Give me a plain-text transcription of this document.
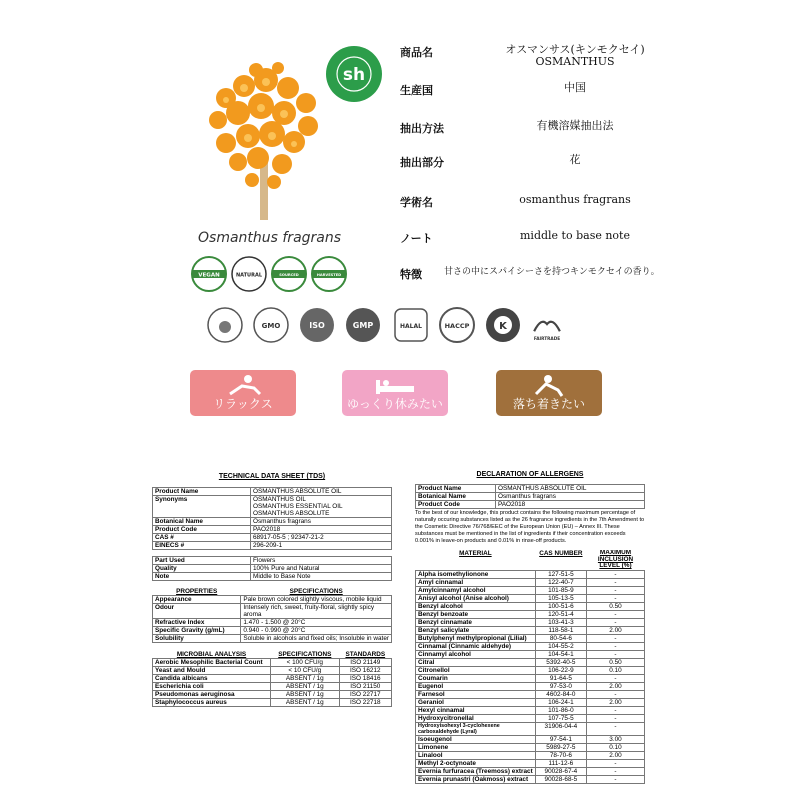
sh
Osmanthus fragrans
VEGAN	NATURAL	SOURCED	HARVESTED
GMO	ISO	GMP	HALAL	HACCP	K
FAIRTRADE
リラックス	ゆっくり休みたい	落ち着きたい
商品名	オスマンサス(キンモクセイ)
OSMANTHUS
生産国	中国
抽出方法	有機溶媒抽出法
抽出部分	花
学術名	osmanthus fragrans
ノート	middle to base note
特徴 甘さの中にスパイシーさを持つキンモクセイの香り。
TECHNICAL DATA SHEET (TDS)
Product Name	OSMANTHUS ABSOLUTE OIL
Synonyms	OSMANTHUS OIL
OSMANTHUS ESSENTIAL OIL
OSMANTHUS ABSOLUTE
Botanical Name	Osmanthus fragrans
Product Code	PAO2018
CAS #	68917-05-5 ; 92347-21-2
EINECS #	296-209-1
Part Used	Flowers
Quality	100% Pure and Natural
Note	Middle to Base Note
PROPERTIES	SPECIFICATIONS
Appearance	Pale brown colored slightly viscous, mobile liquid
Odour	Intensely rich, sweet, fruity-floral, slightly spicy
aroma
Refractive Index	1.470 - 1.500 @ 20°C
Specific Gravity (g/mL)	0.940 - 0.990 @ 20°C
Solubility	Soluble in alcohols and fixed oils; Insoluble in water
MICROBIAL ANALYSIS	SPECIFICATIONS	STANDARDS
Aerobic Mesophilic Bacterial Count	< 100 CFU/g	ISO 21149
Yeast and Mould	< 10 CFU/g	ISO 16212
Candida albicans	ABSENT / 1g	ISO 18416
Escherichia coli	ABSENT / 1g	ISO 21150
Pseudomonas aeruginosa	ABSENT / 1g	ISO 22717
Staphylococcus aureus	ABSENT / 1g	ISO 22718
DECLARATION OF ALLERGENS
Product Name	OSMANTHUS ABSOLUTE OIL
Botanical Name	Osmanthus fragrans
Product Code	PAO2018
To the best of our knowledge, this product contains the following maximum percentage of naturally occuring substances listed as the 26 fragrance ingredients in the 7th Amendment to the Cosmetic Directive 76/768/EEC of the European Union (EU) – Annex III. These substances must be mentioned in the list of ingredients if their concentration exceeds 0.001% in leave-on products and 0.01% in rinse-off products.
MATERIAL	CAS NUMBER	MAXIMUM INCLUSION LEVEL (%)
Alpha isomethylionone	127-51-5	-
Amyl cinnamal	122-40-7	-
Amylcinnamyl alcohol	101-85-9	-
Anisyl alcohol (Anise alcohol)	105-13-5	-
Benzyl alcohol	100-51-6	0.50
Benzyl benzoate	120-51-4	-
Benzyl cinnamate	103-41-3	-
Benzyl salicylate	118-58-1	2.00
Butylphenyl methylpropional (Lilial)	80-54-6	-
Cinnamal (Cinnamic aldehyde)	104-55-2	-
Cinnamyl alcohol	104-54-1	-
Citral	5392-40-5	0.50
Citronellol	106-22-9	0.10
Coumarin	91-64-5	-
Eugenol	97-53-0	2.00
Farnesol	4602-84-0	-
Geraniol	106-24-1	2.00
Hexyl cinnamal	101-86-0	-
Hydroxycitronellal	107-75-5	-
Hydroxyisohexyl 3-cyclohexene carboxaldehyde (Lyral)	31906-04-4	-
Isoeugenol	97-54-1	3.00
Limonene	5989-27-5	0.10
Linalool	78-70-6	2.00
Methyl 2-octynoate	111-12-6	-
Evernia furfuracea (Treemoss) extract	90028-67-4	-
Evernia prunastri (Oakmoss) extract	90028-68-5	-
